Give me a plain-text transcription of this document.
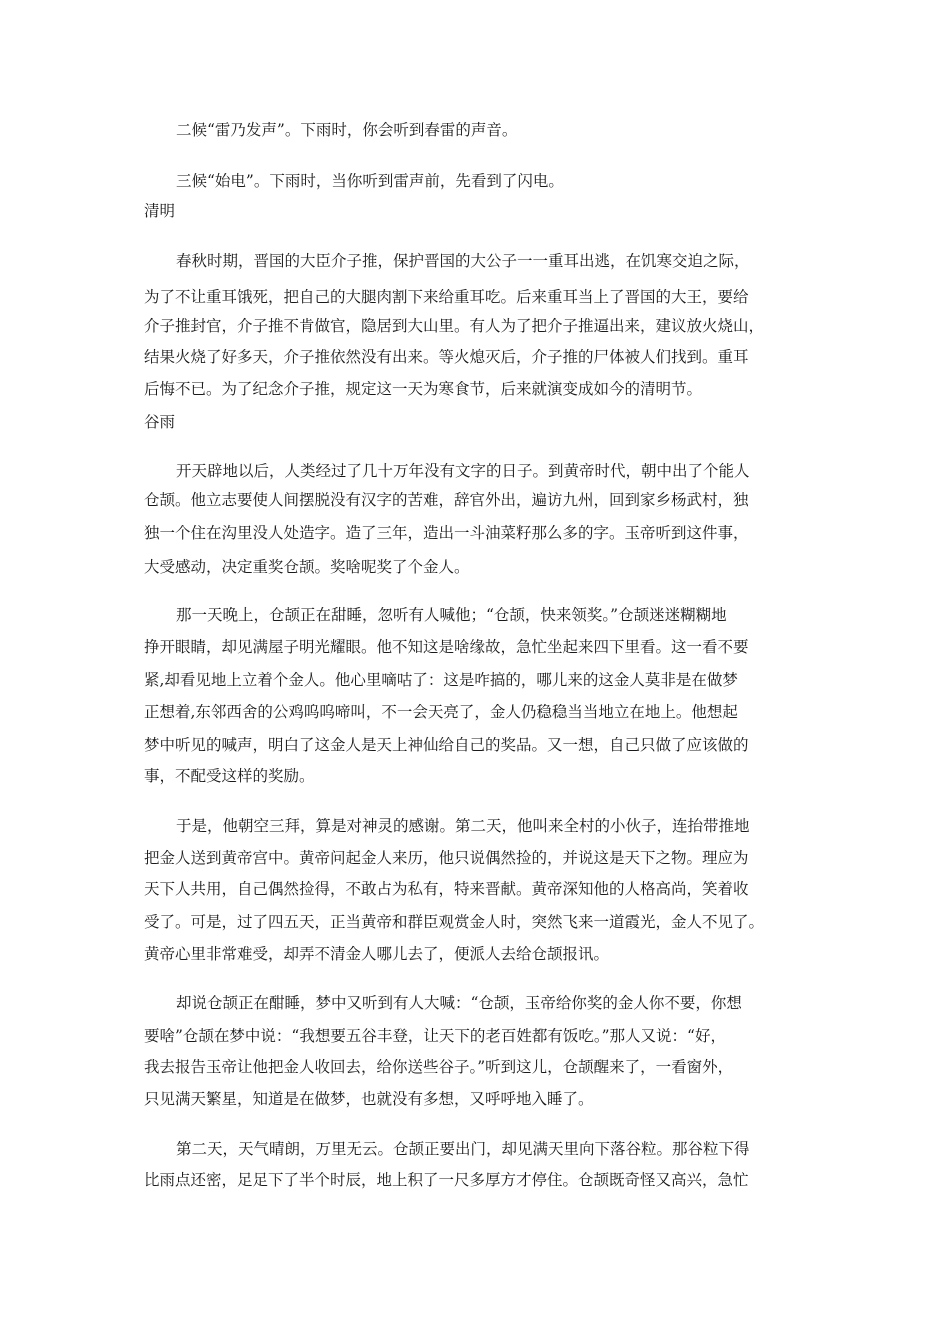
二候“雷乃发声”。下雨时，你会听到春雷的声音。
三候“始电”。下雨时，当你听到雷声前，先看到了闪电。
清明
春秋时期，晋国的大臣介子推，保护晋国的大公子一一重耳出逃，在饥寒交迫之际，
为了不让重耳饿死，把自己的大腿肉割下来给重耳吃。后来重耳当上了晋国的大王，要给
介子推封官，介子推不肯做官，隐居到大山里。有人为了把介子推逼出来，建议放火烧山，
结果火烧了好多天，介子推依然没有出来。等火熄灭后，介子推的尸体被人们找到。重耳
后悔不已。为了纪念介子推，规定这一天为寒食节，后来就演变成如今的清明节。
谷雨
开天辟地以后，人类经过了几十万年没有文字的日子。到黄帝时代，朝中出了个能人
仓颉。他立志要使人间摆脱没有汉字的苦难，辞官外出，遍访九州，回到家乡杨武村，独
独一个住在沟里没人处造字。造了三年，造出一斗油菜籽那么多的字。玉帝听到这件事，
大受感动，决定重奖仓颉。奖啥呢奖了个金人。
那一天晚上，仓颉正在甜睡，忽听有人喊他；“仓颉，快来领奖。”仓颉迷迷糊糊地
挣开眼睛，却见满屋子明光耀眼。他不知这是啥缘故，急忙坐起来四下里看。这一看不要
紧,却看见地上立着个金人。他心里嘀咕了：这是咋搞的，哪儿来的这金人莫非是在做梦
正想着,东邻西舍的公鸡呜呜啼叫，不一会天亮了，金人仍稳稳当当地立在地上。他想起
梦中听见的喊声，明白了这金人是天上神仙给自己的奖品。又一想，自己只做了应该做的
事，不配受这样的奖励。
于是，他朝空三拜，算是对神灵的感谢。第二天，他叫来全村的小伙子，连抬带推地
把金人送到黄帝宫中。黄帝问起金人来历，他只说偶然捡的，并说这是天下之物。理应为
天下人共用，自己偶然捡得，不敢占为私有，特来晋献。黄帝深知他的人格高尚，笑着收
受了。可是，过了四五天，正当黄帝和群臣观赏金人时，突然飞来一道霞光，金人不见了。
黄帝心里非常难受，却弄不清金人哪儿去了，便派人去给仓颉报讯。
却说仓颉正在酣睡，梦中又听到有人大喊：“仓颉，玉帝给你奖的金人你不要，你想
要啥”仓颉在梦中说：“我想要五谷丰登，让天下的老百姓都有饭吃。”那人又说：“好，
我去报告玉帝让他把金人收回去，给你送些谷子。”听到这儿，仓颉醒来了，一看窗外，
只见满天繁星，知道是在做梦，也就没有多想，又呼呼地入睡了。
第二天，天气晴朗，万里无云。仓颉正要出门，却见满天里向下落谷粒。那谷粒下得
比雨点还密，足足下了半个时辰，地上积了一尺多厚方才停住。仓颉既奇怪又高兴，急忙
